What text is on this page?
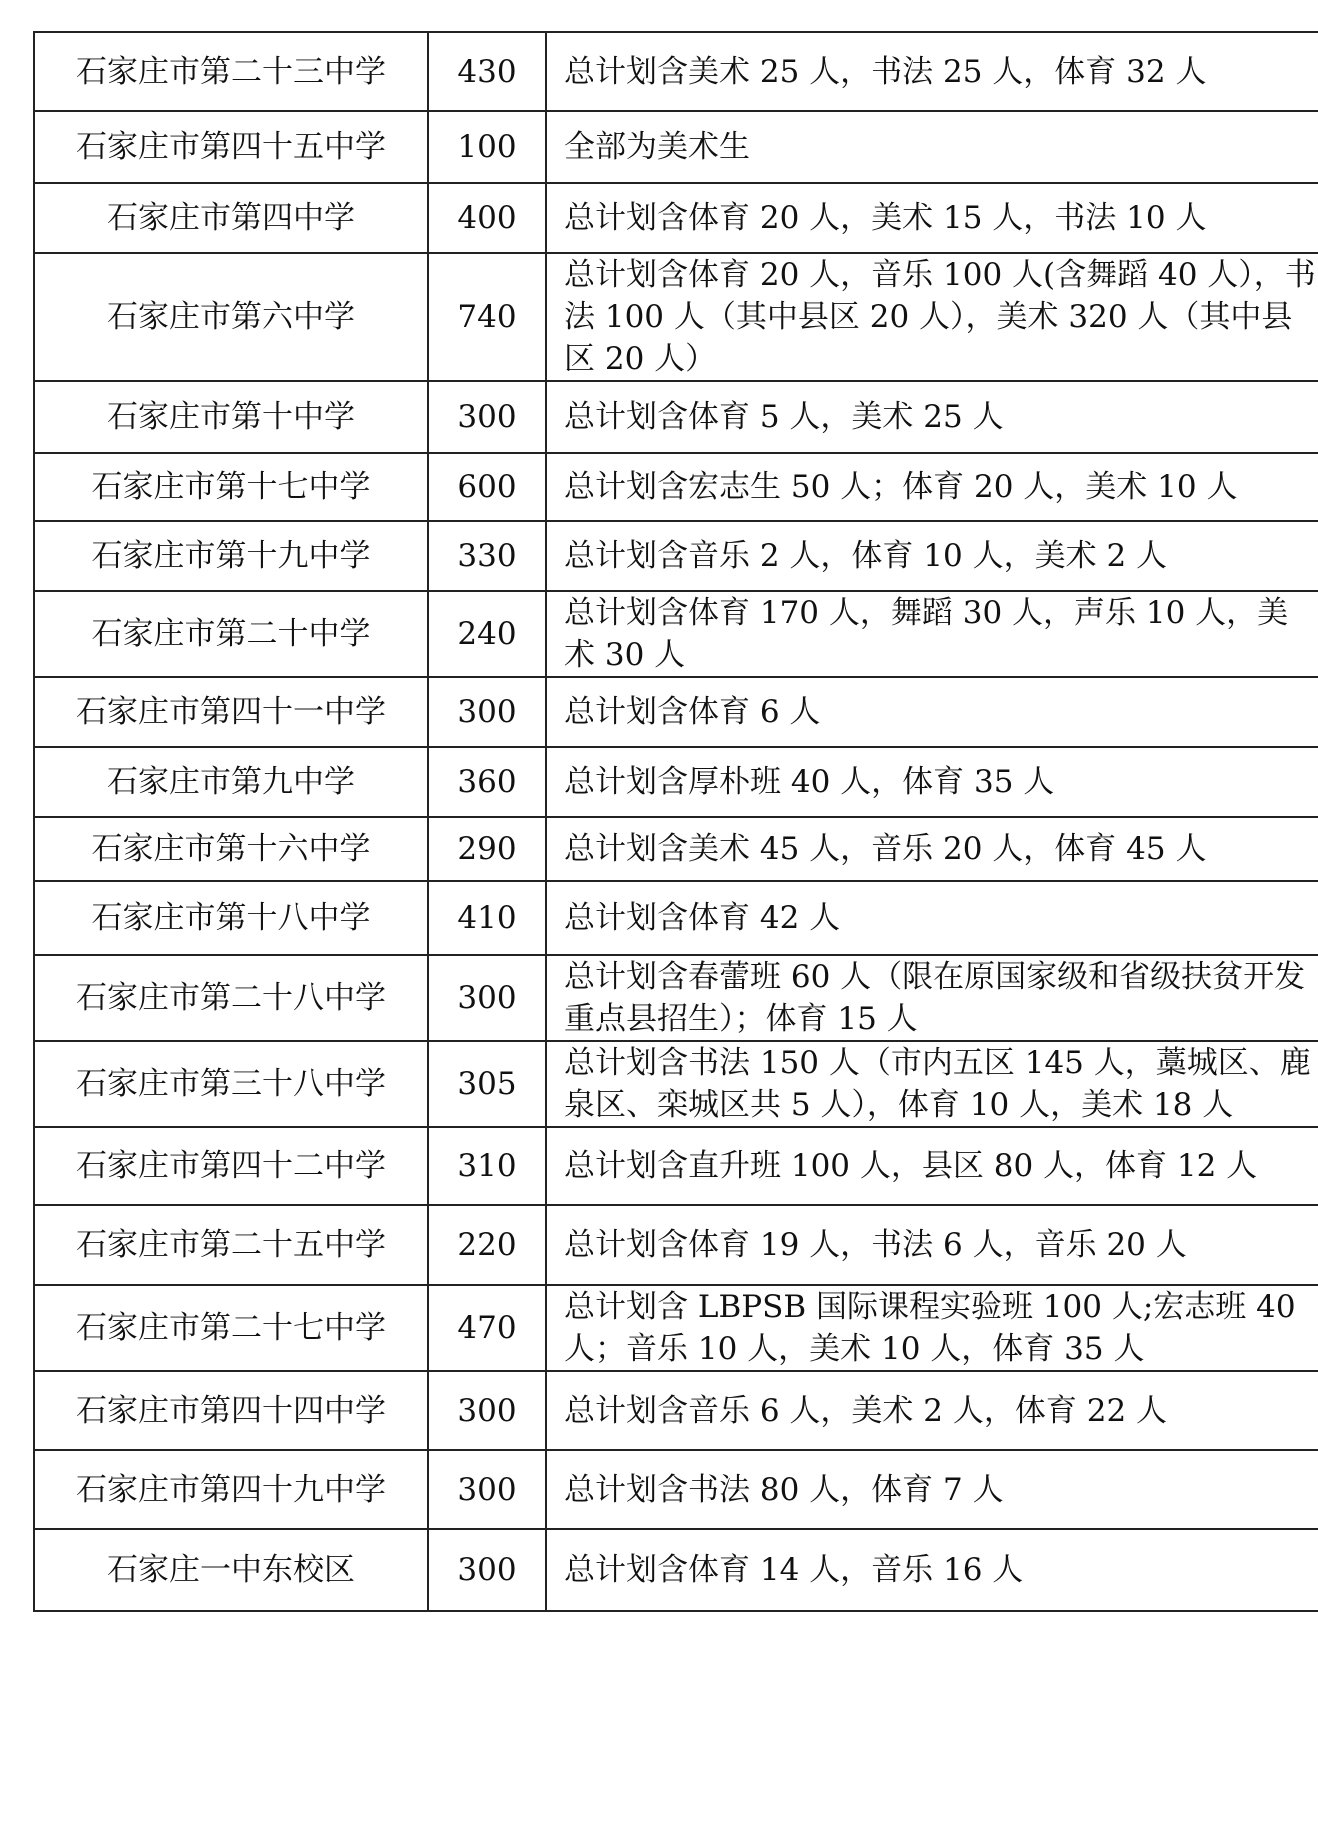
石家庄市第二十三中学	430	总计划含美术 25 人，书法 25 人，体育 32 人
石家庄市第四十五中学	100	全部为美术生
石家庄市第四中学	400	总计划含体育 20 人，美术 15 人，书法 10 人
石家庄市第六中学	740	总计划含体育 20 人，音乐 100 人(含舞蹈 40 人），书法 100 人（其中县区 20 人），美术 320 人（其中县区 20 人）
石家庄市第十中学	300	总计划含体育 5 人，美术 25 人
石家庄市第十七中学	600	总计划含宏志生 50 人；体育 20 人，美术 10 人
石家庄市第十九中学	330	总计划含音乐 2 人，体育 10 人，美术 2 人
石家庄市第二十中学	240	总计划含体育 170 人，舞蹈 30 人，声乐 10 人，美术 30 人
石家庄市第四十一中学	300	总计划含体育 6 人
石家庄市第九中学	360	总计划含厚朴班 40 人，体育 35 人
石家庄市第十六中学	290	总计划含美术 45 人，音乐 20 人，体育 45 人
石家庄市第十八中学	410	总计划含体育 42 人
石家庄市第二十八中学	300	总计划含春蕾班 60 人（限在原国家级和省级扶贫开发重点县招生）；体育 15 人
石家庄市第三十八中学	305	总计划含书法 150 人（市内五区 145 人，藁城区、鹿泉区、栾城区共 5 人），体育 10 人，美术 18 人
石家庄市第四十二中学	310	总计划含直升班 100 人，县区 80 人，体育 12 人
石家庄市第二十五中学	220	总计划含体育 19 人，书法 6 人，音乐 20 人
石家庄市第二十七中学	470	总计划含 LBPSB 国际课程实验班 100 人;宏志班 40 人；音乐 10 人，美术 10 人，体育 35 人
石家庄市第四十四中学	300	总计划含音乐 6 人，美术 2 人，体育 22 人
石家庄市第四十九中学	300	总计划含书法 80 人，体育 7 人
石家庄一中东校区	300	总计划含体育 14 人，音乐 16 人
